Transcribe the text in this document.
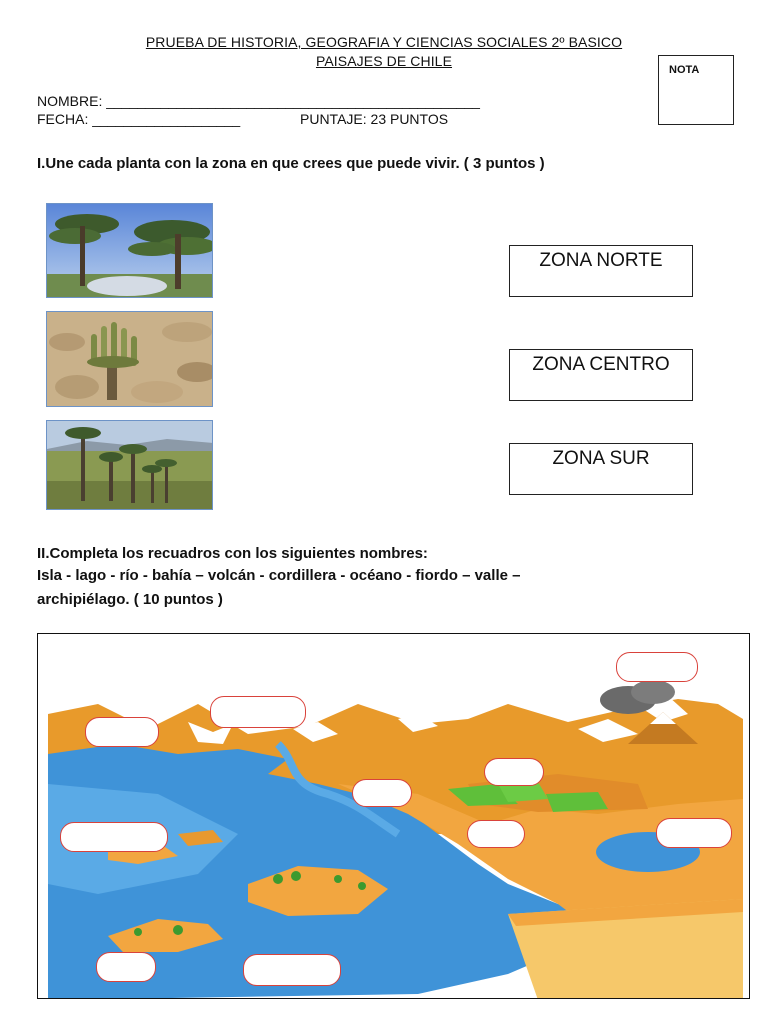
PRUEBA DE HISTORIA, GEOGRAFIA Y CIENCIAS SOCIALES 2º BASICO
PAISAJES DE CHILE
NOTA
NOMBRE: ________________________________________________
FECHA: ___________________	PUNTAJE: 23 PUNTOS
I.Une cada planta con la zona en que crees que puede vivir. ( 3 puntos )
ZONA NORTE
ZONA CENTRO
ZONA SUR
II.Completa los recuadros con los siguientes nombres:
Isla - lago - río - bahía – volcán - cordillera - océano - fiordo – valle –
archipiélago. ( 10 puntos )
